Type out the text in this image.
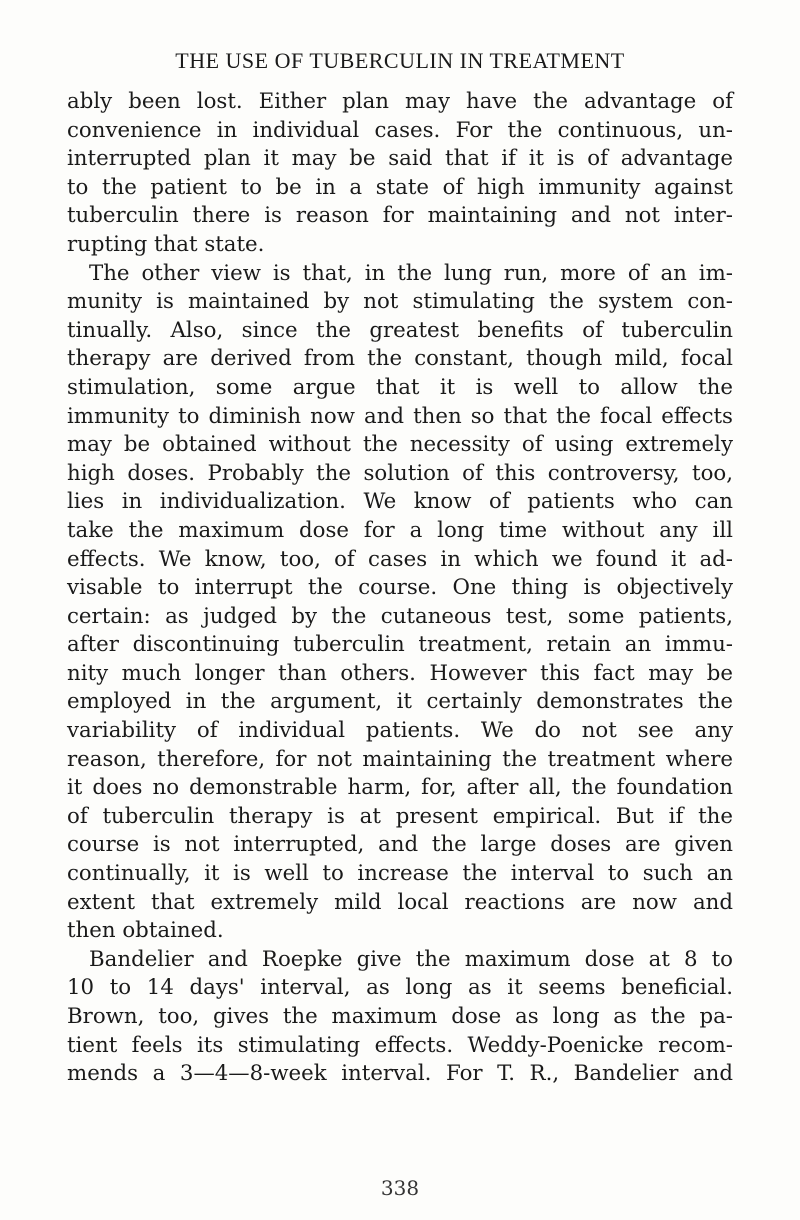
THE USE OF TUBERCULIN IN TREATMENT
ably been lost. Either plan may have the advantage of
convenience in individual cases. For the continuous, un-
interrupted plan it may be said that if it is of advantage
to the patient to be in a state of high immunity against
tuberculin there is reason for maintaining and not inter-
rupting that state.
The other view is that, in the lung run, more of an im-
munity is maintained by not stimulating the system con-
tinually. Also, since the greatest benefits of tuberculin
therapy are derived from the constant, though mild, focal
stimulation, some argue that it is well to allow the
immunity to diminish now and then so that the focal effects
may be obtained without the necessity of using extremely
high doses. Probably the solution of this controversy, too,
lies in individualization. We know of patients who can
take the maximum dose for a long time without any ill
effects. We know, too, of cases in which we found it ad-
visable to interrupt the course. One thing is objectively
certain: as judged by the cutaneous test, some patients,
after discontinuing tuberculin treatment, retain an immu-
nity much longer than others. However this fact may be
employed in the argument, it certainly demonstrates the
variability of individual patients. We do not see any
reason, therefore, for not maintaining the treatment where
it does no demonstrable harm, for, after all, the foundation
of tuberculin therapy is at present empirical. But if the
course is not interrupted, and the large doses are given
continually, it is well to increase the interval to such an
extent that extremely mild local reactions are now and
then obtained.
Bandelier and Roepke give the maximum dose at 8 to
10 to 14 days' interval, as long as it seems beneficial.
Brown, too, gives the maximum dose as long as the pa-
tient feels its stimulating effects. Weddy-Poenicke recom-
mends a 3—4—8-week interval. For T. R., Bandelier and
338
